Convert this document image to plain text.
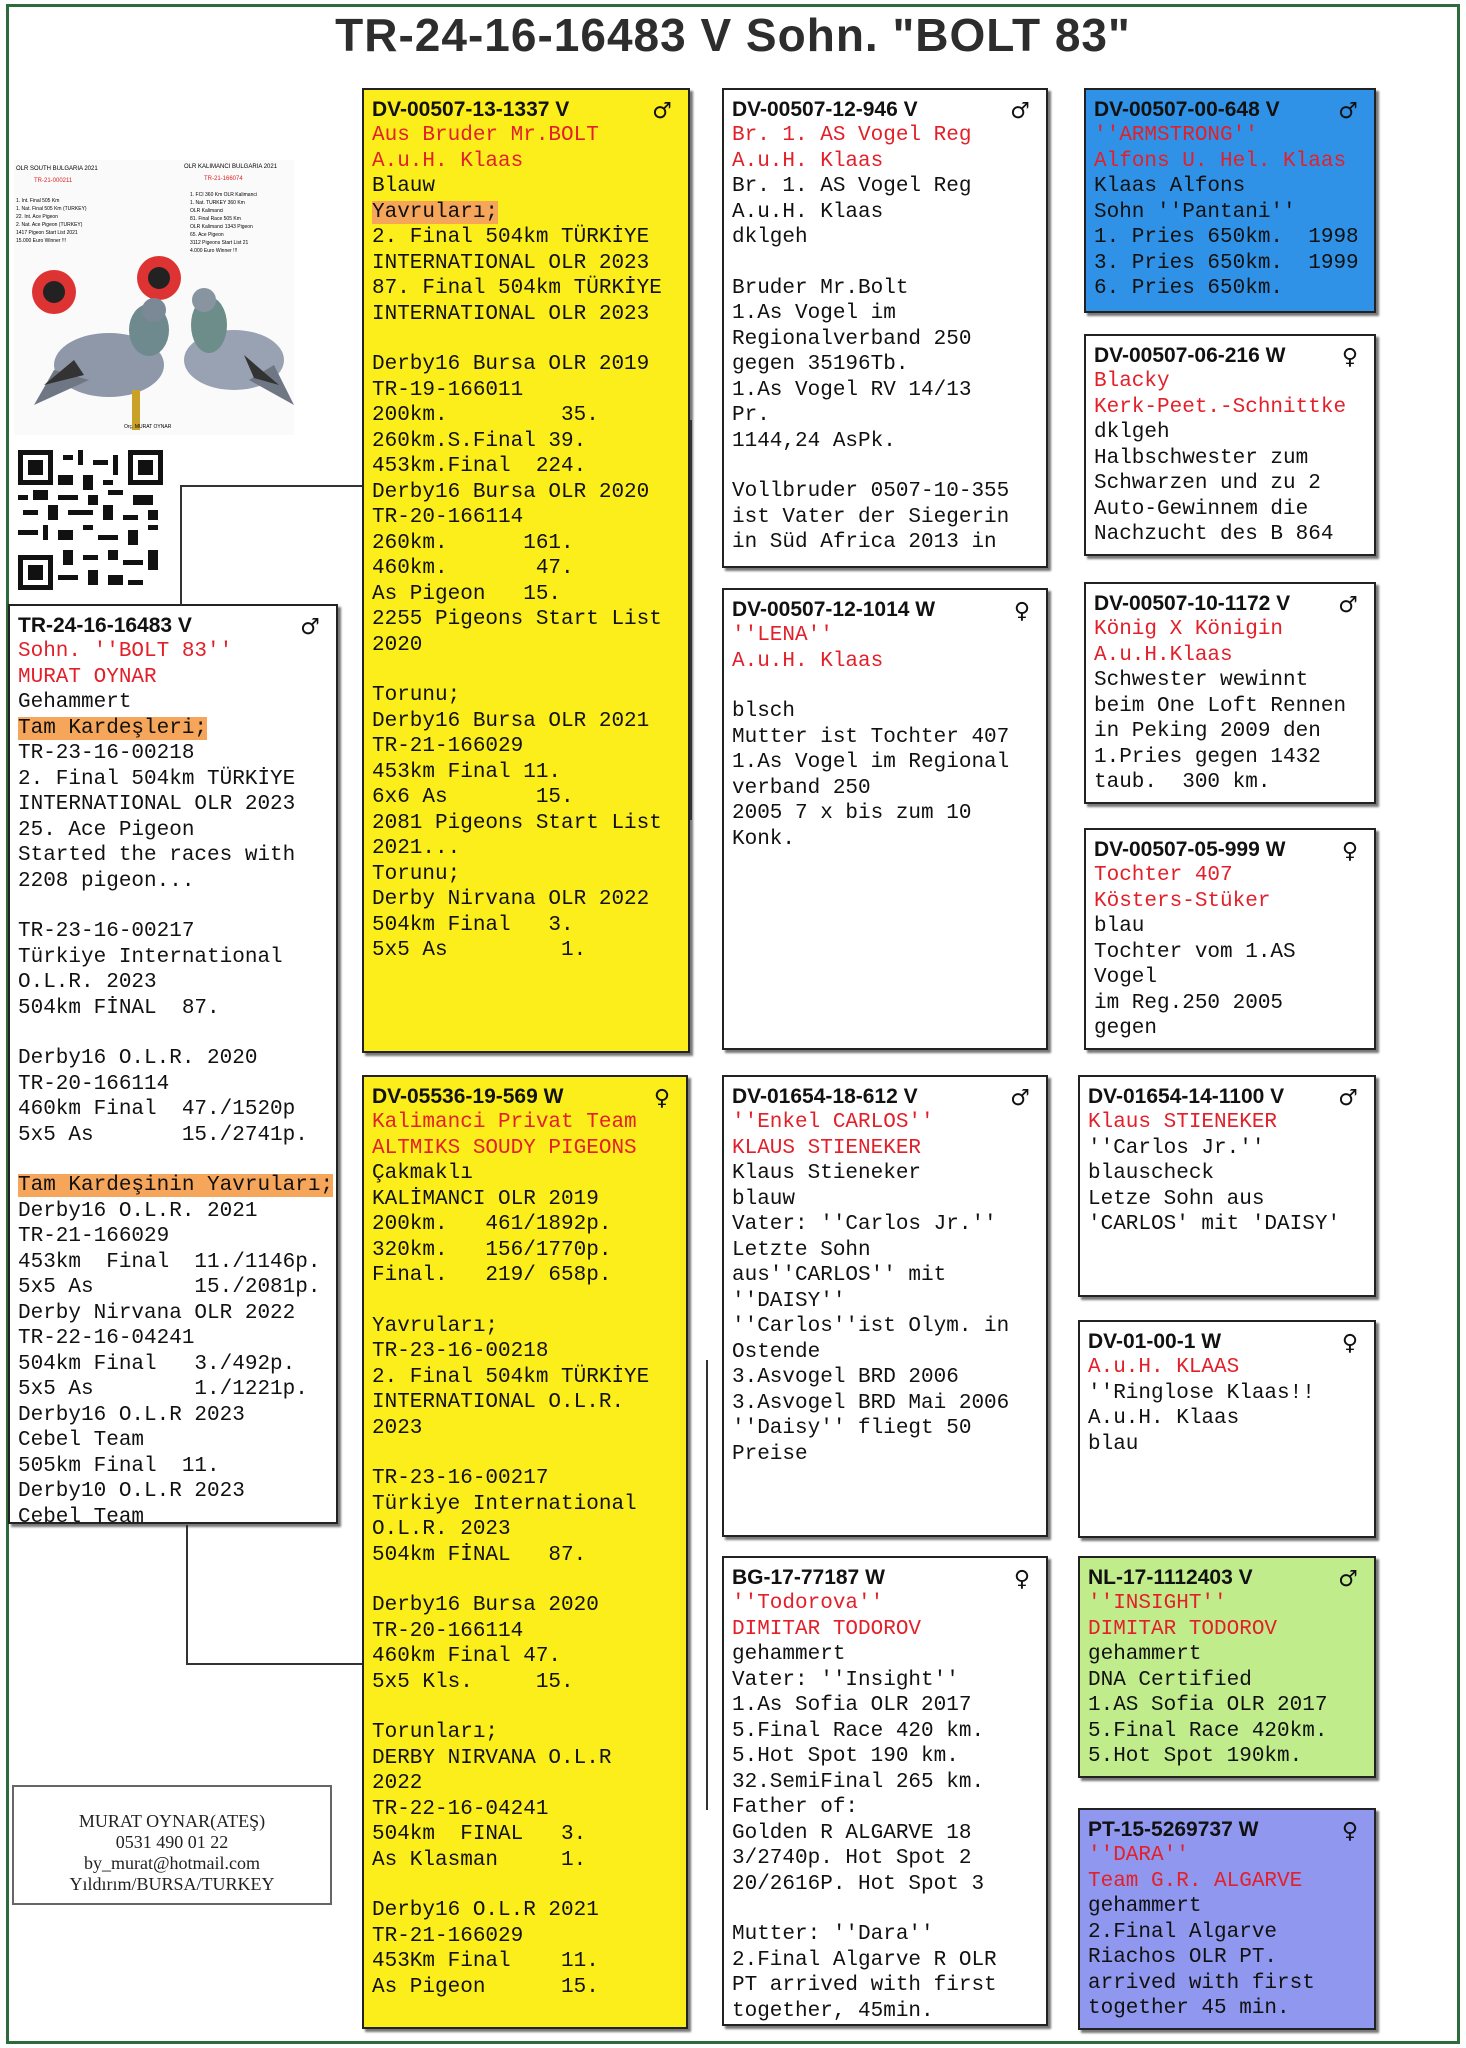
TR-24-16-16483 V Sohn. "BOLT 83"
OLR SOUTH BULGARIA 2021
TR-21-000211
1. Int. Final 505 Km
1. Nat. Final 505 Km (TURKEY)
22. Int. Ace Pigeon
2. Nat. Ace Pigeon (TURKEY)
1417 Pigeon Start List 2021
15.000 Euro Winner !!!
OLR KALIMANCI BULGARIA 2021
TR-21-166074
1. FCI 360 Km OLR Kalimanci
1. Nat. TURKEY 360 Km
OLR Kalimanci
81. Final Race 505 Km
OLR Kalimanci 1343 Pigeon
65. Ace Pigeon
3112 Pigeons Start List 21
4.000 Euro Winner !!!
Orç. MURAT OYNAR
TR-24-16-16483 V	♂
Sohn. ''BOLT 83''
MURAT OYNAR
Gehammert
Tam Kardeşleri;
TR-23-16-00218
2. Final 504km TÜRKİYE
INTERNATIONAL OLR 2023
25. Ace Pigeon
Started the races with
2208 pigeon...
TR-23-16-00217
Türkiye International
O.L.R. 2023
504km FİNAL  87.
Derby16 O.L.R. 2020
TR-20-166114
460km Final  47./1520p
5x5 As       15./2741p.
Tam Kardeşinin Yavruları;
Derby16 O.L.R. 2021
TR-21-166029
453km  Final  11./1146p.
5x5 As        15./2081p.
Derby Nirvana OLR 2022
TR-22-16-04241
504km Final   3./492p.
5x5 As        1./1221p.
Derby16 O.L.R 2023
Cebel Team
505km Final  11.
Derby10 O.L.R 2023
Cebel Team
DV-00507-13-1337 V	♂
Aus Bruder Mr.BOLT
A.u.H. Klaas
Blauw
Yavruları;
2. Final 504km TÜRKİYE
INTERNATIONAL OLR 2023
87. Final 504km TÜRKİYE
INTERNATIONAL OLR 2023
Derby16 Bursa OLR 2019
TR-19-166011
200km.         35.
260km.S.Final 39.
453km.Final  224.
Derby16 Bursa OLR 2020
TR-20-166114
260km.      161.
460km.       47.
As Pigeon   15.
2255 Pigeons Start List
2020
Torunu;
Derby16 Bursa OLR 2021
TR-21-166029
453km Final 11.
6x6 As       15.
2081 Pigeons Start List
2021...
Torunu;
Derby Nirvana OLR 2022
504km Final   3.
5x5 As         1.
DV-05536-19-569 W	♀
Kalimanci Privat Team
ALTMIKS SOUDY PIGEONS
Çakmaklı
KALİMANCI OLR 2019
200km.   461/1892p.
320km.   156/1770p.
Final.   219/ 658p.
Yavruları;
TR-23-16-00218
2. Final 504km TÜRKİYE
INTERNATIONAL O.L.R.
2023
TR-23-16-00217
Türkiye International
O.L.R. 2023
504km FİNAL   87.
Derby16 Bursa 2020
TR-20-166114
460km Final 47.
5x5 Kls.     15.
Torunları;
DERBY NIRVANA O.L.R
2022
TR-22-16-04241
504km  FINAL   3.
As Klasman     1.
Derby16 O.L.R 2021
TR-21-166029
453Km Final    11.
As Pigeon      15.
DV-00507-12-946 V	♂
Br. 1. AS Vogel Reg
A.u.H. Klaas
Br. 1. AS Vogel Reg
A.u.H. Klaas
dklgeh
Bruder Mr.Bolt
1.As Vogel im
Regionalverband 250
gegen 35196Tb.
1.As Vogel RV 14/13
Pr.
1144,24 AsPk.
Vollbruder 0507-10-355
ist Vater der Siegerin
in Süd Africa 2013 in
DV-00507-12-1014 W	♀
''LENA''
A.u.H. Klaas
blsch
Mutter ist Tochter 407
1.As Vogel im Regional
verband 250
2005 7 x bis zum 10
Konk.
DV-01654-18-612 V	♂
''Enkel CARLOS''
KLAUS STIENEKER
Klaus Stieneker
blauw
Vater: ''Carlos Jr.''
Letzte Sohn
aus''CARLOS'' mit
''DAISY''
''Carlos''ist Olym. in
Ostende
3.Asvogel BRD 2006
3.Asvogel BRD Mai 2006
''Daisy'' fliegt 50
Preise
BG-17-77187 W	♀
''Todorova''
DIMITAR TODOROV
gehammert
Vater: ''Insight''
1.As Sofia OLR 2017
5.Final Race 420 km.
5.Hot Spot 190 km.
32.SemiFinal 265 km.
Father of:
Golden R ALGARVE 18
3/2740p. Hot Spot 2
20/2616P. Hot Spot 3
Mutter: ''Dara''
2.Final Algarve R OLR
PT arrived with first
together, 45min.
DV-00507-00-648 V	♂
''ARMSTRONG''
Alfons U. Hel. Klaas
Klaas Alfons
Sohn ''Pantani''
1. Pries 650km.  1998
3. Pries 650km.  1999
6. Pries 650km.
DV-00507-06-216 W	♀
Blacky
Kerk-Peet.-Schnittke
dklgeh
Halbschwester zum
Schwarzen und zu 2
Auto-Gewinnem die
Nachzucht des B 864
DV-00507-10-1172 V ♂
König X Königin
A.u.H.Klaas
Schwester wewinnt
beim One Loft Rennen
in Peking 2009 den
1.Pries gegen 1432
taub.  300 km.
DV-00507-05-999 W	♀
Tochter 407
Kösters-Stüker
blau
Tochter vom 1.AS
Vogel
im Reg.250 2005
gegen
DV-01654-14-1100 V ♂
Klaus STIENEKER
''Carlos Jr.''
blauscheck
Letze Sohn aus
'CARLOS' mit 'DAISY'
DV-01-00-1 W	♀
A.u.H. KLAAS
''Ringlose Klaas!!
A.u.H. Klaas
blau
NL-17-1112403 V	♂
''INSIGHT''
DIMITAR TODOROV
gehammert
DNA Certified
1.AS Sofia OLR 2017
5.Final Race 420km.
5.Hot Spot 190km.
PT-15-5269737 W	♀
''DARA''
Team G.R. ALGARVE
gehammert
2.Final Algarve
Riachos OLR PT.
arrived with first
together 45 min.
MURAT OYNAR(ATEŞ)
0531 490 01 22
by_murat@hotmail.com
Yıldırım/BURSA/TURKEY
